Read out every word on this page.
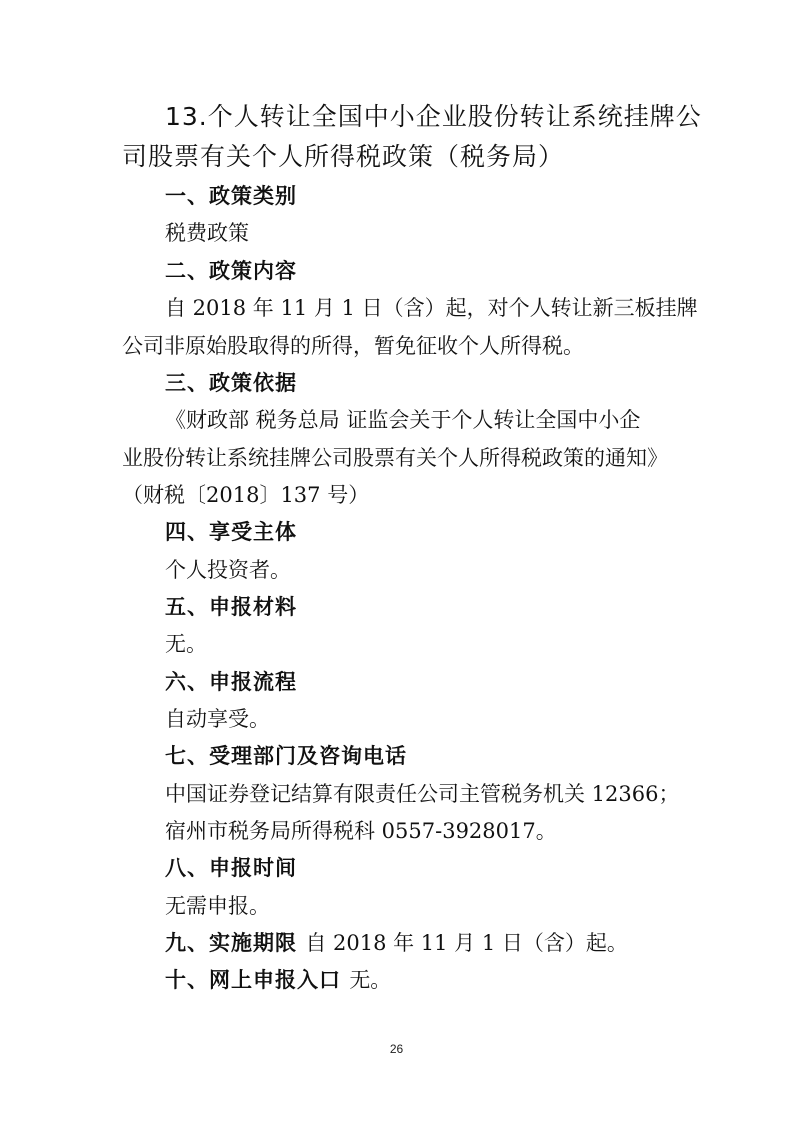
13.个人转让全国中小企业股份转让系统挂牌公
司股票有关个人所得税政策（税务局）
一、政策类别
税费政策
二、政策内容
自 2018 年 11 月 1 日（含）起，对个人转让新三板挂牌
公司非原始股取得的所得，暂免征收个人所得税。
三、政策依据
《财政部 税务总局 证监会关于个人转让全国中小企
业股份转让系统挂牌公司股票有关个人所得税政策的通知》
（财税〔2018〕137 号）
四、享受主体
个人投资者。
五、申报材料
无。
六、申报流程
自动享受。
七、受理部门及咨询电话
中国证券登记结算有限责任公司主管税务机关 12366；
宿州市税务局所得税科 0557-3928017。
八、申报时间
无需申报。
九、实施期限 自 2018 年 11 月 1 日（含）起。
十、网上申报入口 无。
26
